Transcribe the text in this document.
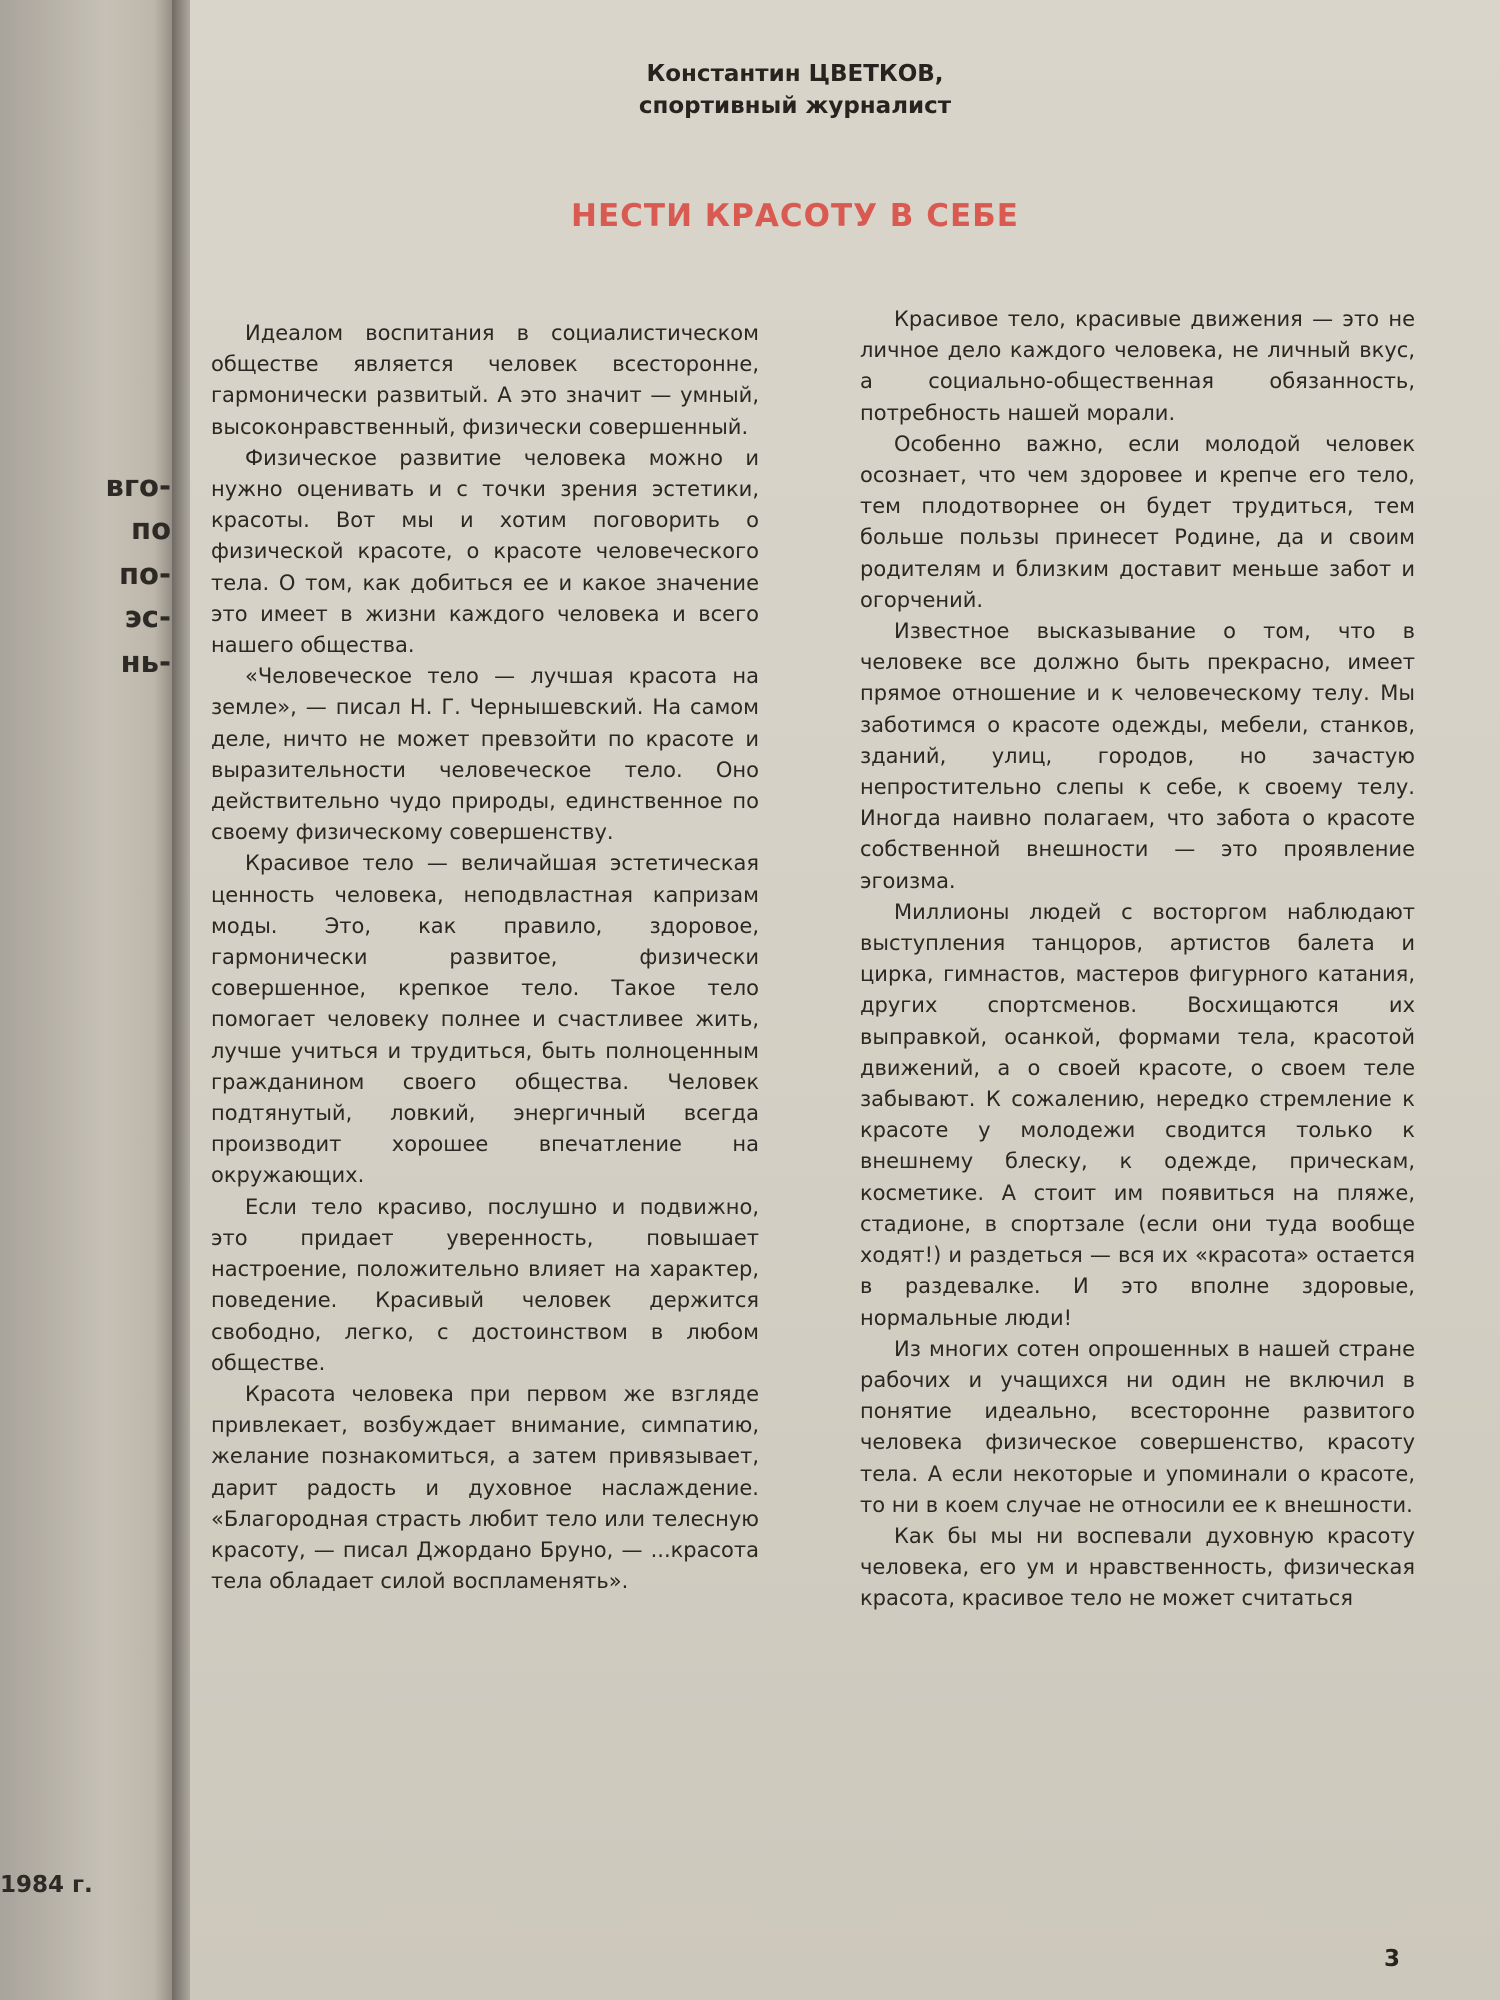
вго-
по
по-
эс-
нь-
1984 г.
Константин ЦВЕТКОВ,
спортивный журналист
НЕСТИ КРАСОТУ В СЕБЕ

Идеалом воспитания в социалистическом обществе является человек всесторонне, гармонически развитый. А это значит — умный, высоконравственный, физически совершенный.

Физическое развитие человека можно и нужно оценивать и с точки зрения эстетики, красоты. Вот мы и хотим поговорить о физической красоте, о красоте человеческого тела. О том, как добиться ее и какое значение это имеет в жизни каждого человека и всего нашего общества.

«Человеческое тело — лучшая красота на земле», — писал Н. Г. Чернышевский. На самом деле, ничто не может превзойти по красоте и выразительности человеческое тело. Оно действительно чудо природы, единственное по своему физическому совершенству.

Красивое тело — величайшая эстетическая ценность человека, неподвластная капризам моды. Это, как правило, здоровое, гармонически развитое, физически совершенное, крепкое тело. Такое тело помогает человеку полнее и счастливее жить, лучше учиться и трудиться, быть полноценным гражданином своего общества. Человек подтянутый, ловкий, энергичный всегда производит хорошее впечатление на окружающих.

Если тело красиво, послушно и подвижно, это придает уверенность, повышает настроение, положительно влияет на характер, поведение. Красивый человек держится свободно, легко, с достоинством в любом обществе.

Красота человека при первом же взгляде привлекает, возбуждает внимание, симпатию, желание познакомиться, а затем привязывает, дарит радость и духовное наслаждение. «Благородная страсть любит тело или телесную красоту, — писал Джордано Бруно, — ...красота тела обладает силой воспламенять».

Красивое тело, красивые движения — это не личное дело каждого человека, не личный вкус, а социально-общественная обязанность, потребность нашей морали.

Особенно важно, если молодой человек осознает, что чем здоровее и крепче его тело, тем плодотворнее он будет трудиться, тем больше пользы принесет Родине, да и своим родителям и близким доставит меньше забот и огорчений.

Известное высказывание о том, что в человеке все должно быть прекрасно, имеет прямое отношение и к человеческому телу. Мы заботимся о красоте одежды, мебели, станков, зданий, улиц, городов, но зачастую непростительно слепы к себе, к своему телу. Иногда наивно полагаем, что забота о красоте собственной внешности — это проявление эгоизма.

Миллионы людей с восторгом наблюдают выступления танцоров, артистов балета и цирка, гимнастов, мастеров фигурного катания, других спортсменов. Восхищаются их выправкой, осанкой, формами тела, красотой движений, а о своей красоте, о своем теле забывают. К сожалению, нередко стремление к красоте у молодежи сводится только к внешнему блеску, к одежде, прическам, косметике. А стоит им появиться на пляже, стадионе, в спортзале (если они туда вообще ходят!) и раздеться — вся их «красота» остается в раздевалке. И это вполне здоровые, нормальные люди!

Из многих сотен опрошенных в нашей стране рабочих и учащихся ни один не включил в понятие идеально, всесторонне развитого человека физическое совершенство, красоту тела. А если некоторые и упоминали о красоте, то ни в коем случае не относили ее к внешности.

Как бы мы ни воспевали духовную красоту человека, его ум и нравственность, физическая красота, красивое тело не может считаться

3
